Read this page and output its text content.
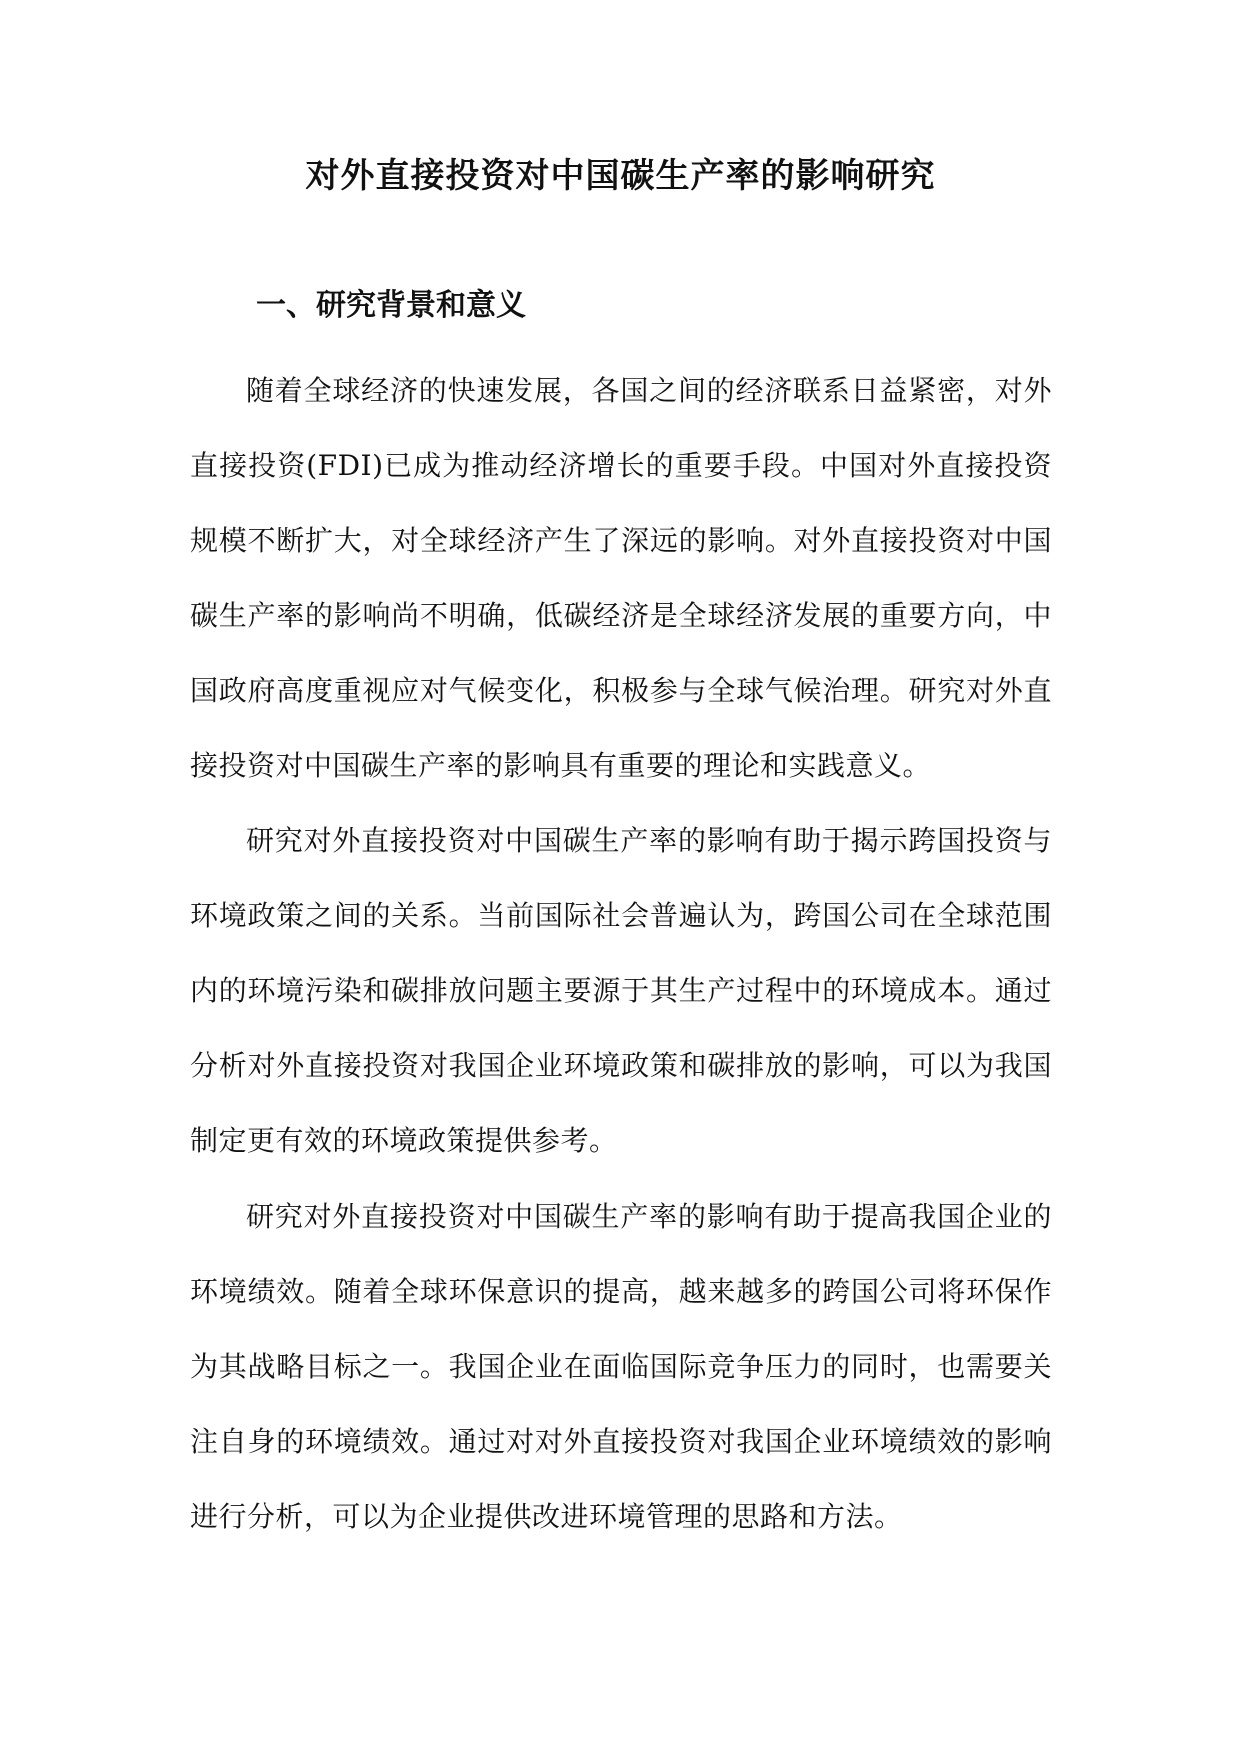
对外直接投资对中国碳生产率的影响研究
一、研究背景和意义

随着全球经济的快速发展，各国之间的经济联系日益紧密，对外直接投资(FDI)已成为推动经济增长的重要手段。中国对外直接投资规模不断扩大，对全球经济产生了深远的影响。对外直接投资对中国碳生产率的影响尚不明确，低碳经济是全球经济发展的重要方向，中国政府高度重视应对气候变化，积极参与全球气候治理。研究对外直接投资对中国碳生产率的影响具有重要的理论和实践意义。

研究对外直接投资对中国碳生产率的影响有助于揭示跨国投资与环境政策之间的关系。当前国际社会普遍认为，跨国公司在全球范围内的环境污染和碳排放问题主要源于其生产过程中的环境成本。通过分析对外直接投资对我国企业环境政策和碳排放的影响，可以为我国制定更有效的环境政策提供参考。

研究对外直接投资对中国碳生产率的影响有助于提高我国企业的环境绩效。随着全球环保意识的提高，越来越多的跨国公司将环保作为其战略目标之一。我国企业在面临国际竞争压力的同时，也需要关注自身的环境绩效。通过对对外直接投资对我国企业环境绩效的影响进行分析，可以为企业提供改进环境管理的思路和方法。
